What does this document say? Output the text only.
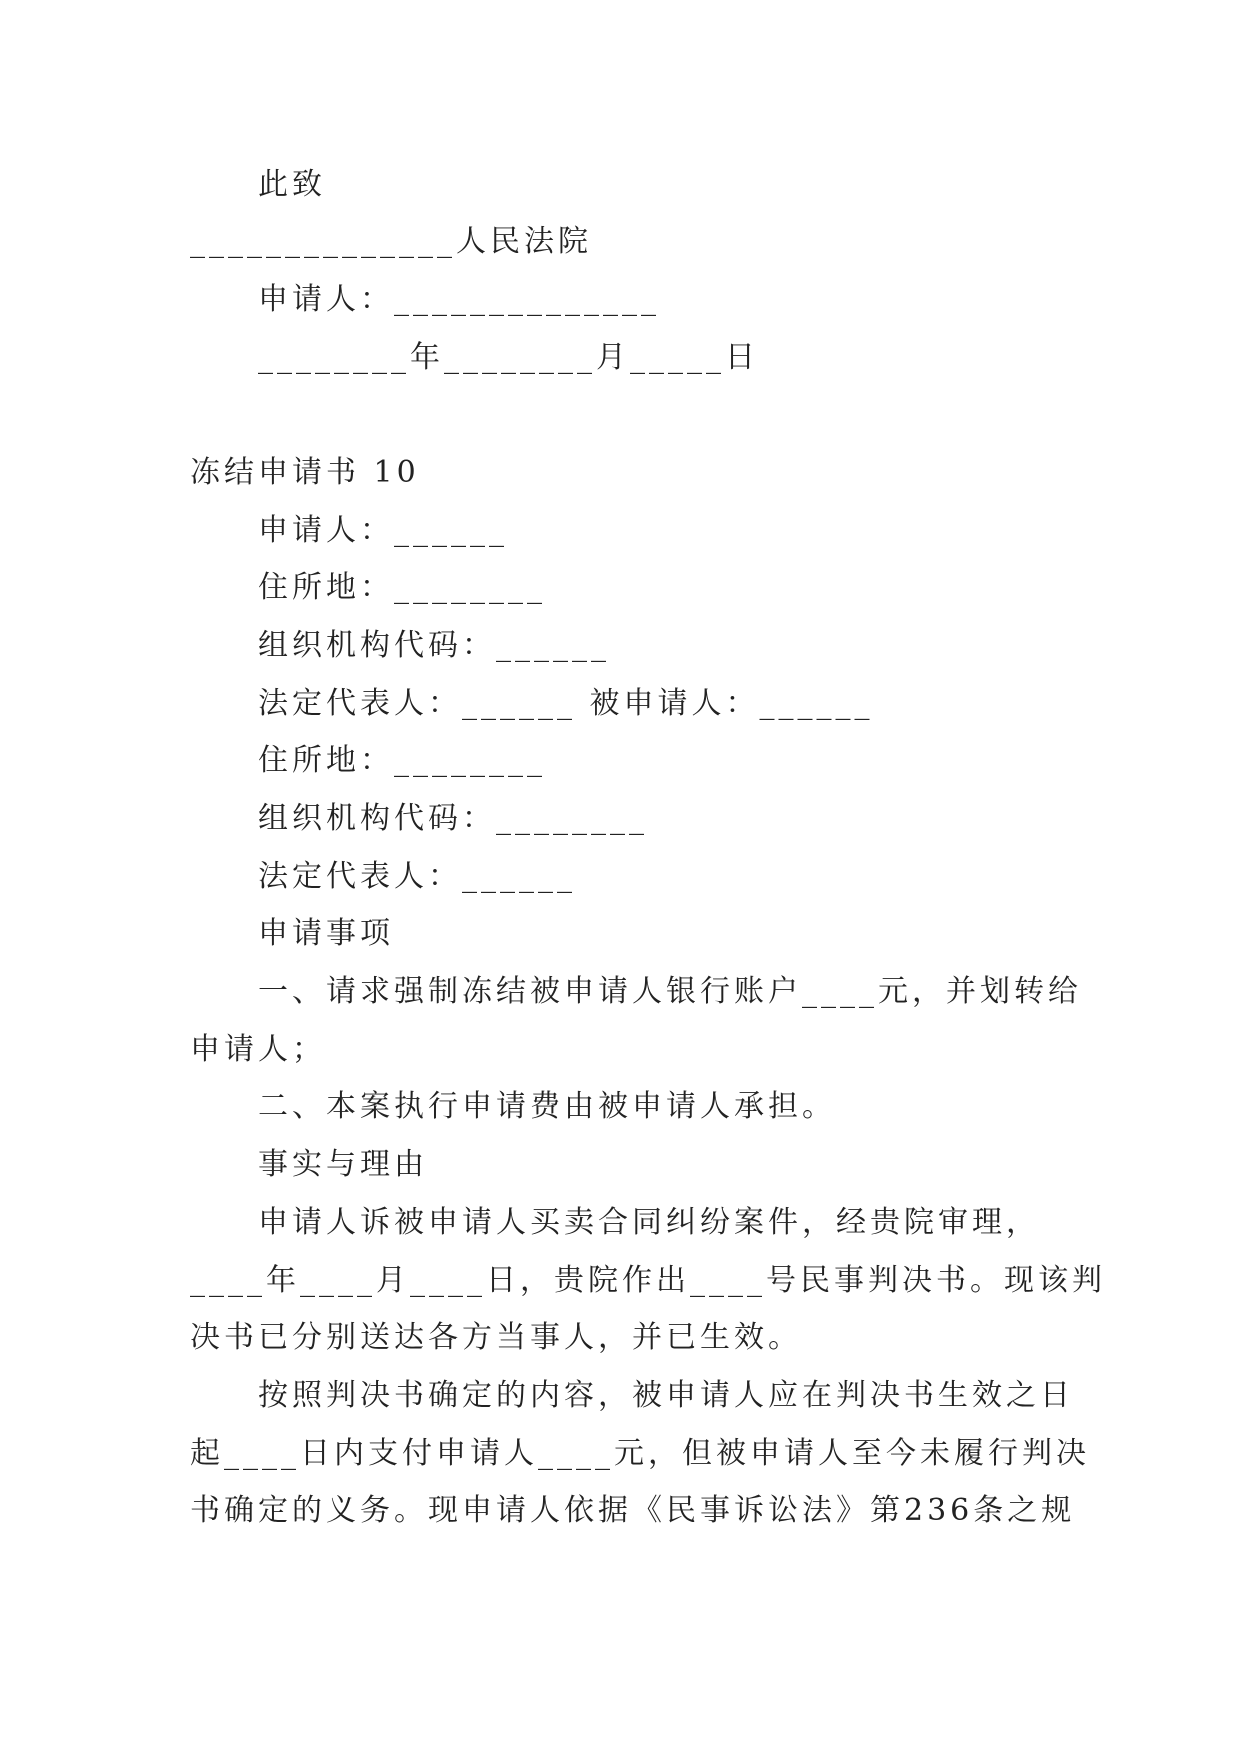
此致
______________人民法院
申请人：______________
________年________月_____日
冻结申请书 10
申请人：______
住所地：________
组织机构代码：______
法定代表人：______ 被申请人：______
住所地：________
组织机构代码：________
法定代表人：______
申请事项
一、请求强制冻结被申请人银行账户____元，并划转给
申请人；
二、本案执行申请费由被申请人承担。
事实与理由
申请人诉被申请人买卖合同纠纷案件，经贵院审理，
____年____月____日，贵院作出____号民事判决书。现该判
决书已分别送达各方当事人，并已生效。
按照判决书确定的内容，被申请人应在判决书生效之日
起____日内支付申请人____元，但被申请人至今未履行判决
书确定的义务。现申请人依据《民事诉讼法》第236条之规
